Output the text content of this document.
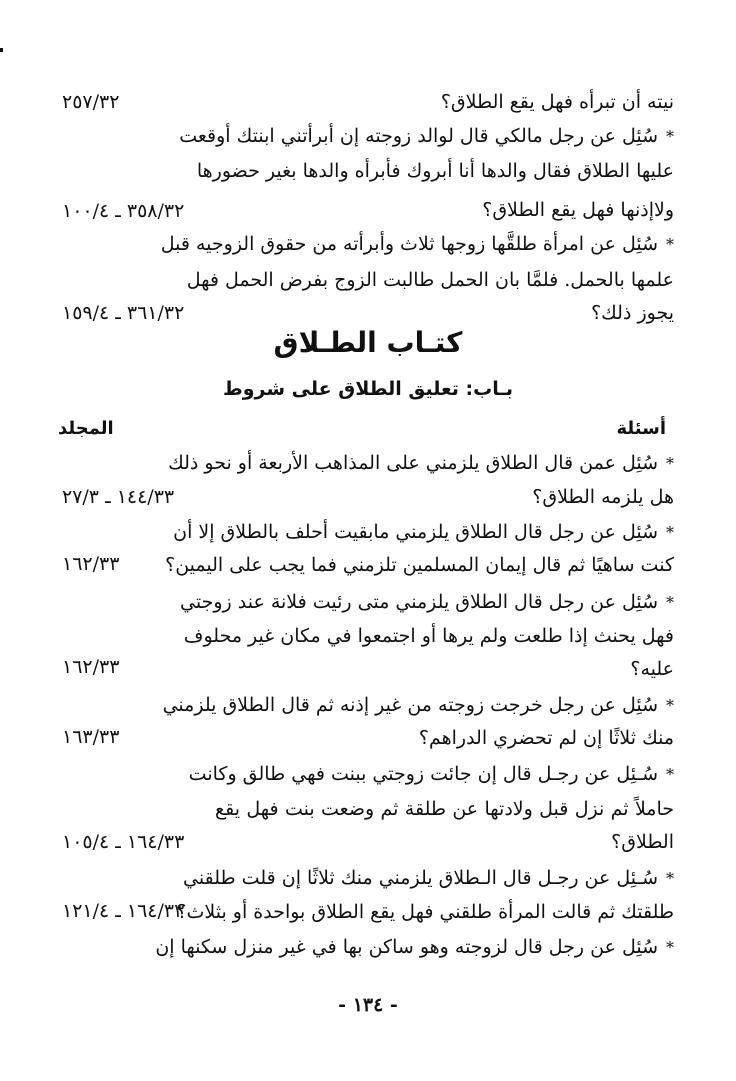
نيته أن تبرأه فهل يقع الطلاق؟
٢٥٧/٣٢
*سُئِل عن رجل مالكي قال لوالد زوجته إن أبرأتني ابنتك أوقعت
عليها الطلاق فقال والدها أنا أبروك فأبرأه والدها بغير حضورها
ولاإذنها فهل يقع الطلاق؟
٣٥٨/٣٢ ـ ١٠٠/٤
*سُئِل عن امرأة طلقَّها زوجها ثلاث وأبرأته من حقوق الزوجيه قبل
علمها بالحمل. فلمَّا بان الحمل طالبت الزوج بفرض الحمل فهل
يجوز ذلك؟
٣٦١/٣٢ ـ ١٥٩/٤
كتـاب الطـلاق
بـاب: تعليق الطلاق على شروط
أسئلة
المجلد
*سُئِل عمن قال الطلاق يلزمني على المذاهب الأربعة أو نحو ذلك
هل يلزمه الطلاق؟
١٤٤/٣٣ ـ ٢٧/٣
*سُئِل عن رجل قال الطلاق يلزمني مابقيت أحلف بالطلاق إلا أن
كنت ساهيًا ثم قال إيمان المسلمين تلزمني فما يجب على اليمين؟
١٦٢/٣٣
*سُئِل عن رجل قال الطلاق يلزمني متى رئيت فلانة عند زوجتي
فهل يحنث إذا طلعت ولم يرها أو اجتمعوا في مكان غير محلوف
عليه؟
١٦٢/٣٣
*سُئِل عن رجل خرجت زوجته من غير إذنه ثم قال الطلاق يلزمني
منك ثلاثًا إن لم تحضري الدراهم؟
١٦٣/٣٣
*سُـئِل عن رجـل قال إن جائت زوجتي ببنت فهي طالق وكانت
حاملاً ثم نزل قبل ولادتها عن طلقة ثم وضعت بنت فهل يقع
الطلاق؟
١٦٤/٣٣ ـ ١٠٥/٤
*سُـئِل عن رجـل قال الـطلاق يلزمني منك ثلاثًا إن قلت طلقني
طلقتك ثم قالت المرأة طلقني فهل يقع الطلاق بواحدة أو بثلاث؟
١٦٤/٣٣ ـ ١٢١/٤
*سُئِل عن رجل قال لزوجته وهو ساكن بها في غير منزل سكنها إن
- ١٣٤ -
